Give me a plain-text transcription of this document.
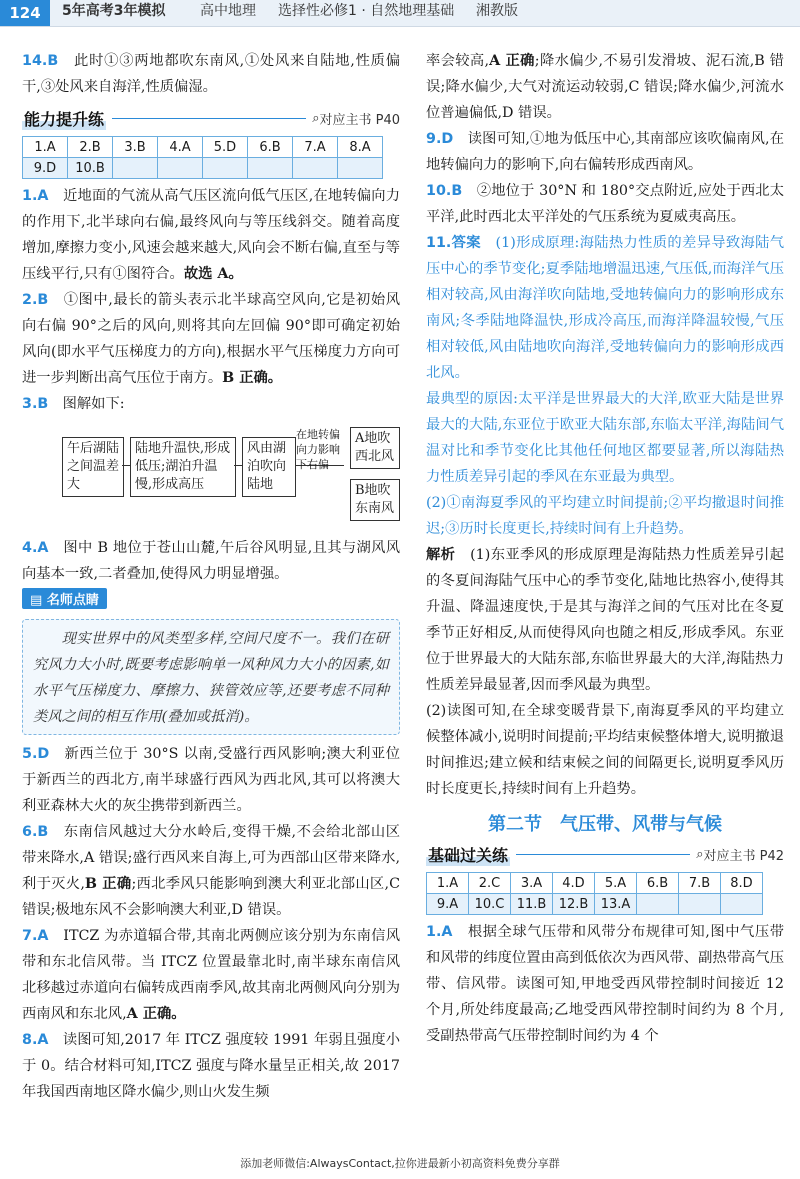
124	5年高考3年模拟 高中地理 选择性必修1 · 自然地理基础 湘教版

14.B　 此时①③两地都吹东南风,①处风来自陆地,性质偏干,③处风来自海洋,性质偏湿。

能力提升练	⌕ 对应主书 P40
1.A	2.B	3.B	4.A	5.D	6.B	7.A	8.A
9.D	10.B						

1.A　 近地面的气流从高气压区流向低气压区,在地转偏向力的作用下,北半球向右偏,最终风向与等压线斜交。随着高度增加,摩擦力变小,风速会越来越大,风向会不断右偏,直至与等压线平行,只有①图符合。故选 A。

2.B　 ①图中,最长的箭头表示北半球高空风向,它是初始风向右偏 90°之后的风向,则将其向左回偏 90°即可确定初始风向(即水平气压梯度力的方向),根据水平气压梯度力方向可进一步判断出高气压位于南方。B 正确。

3.B　 图解如下:

午后湖陆之间温差大
陆地升温快,形成低压;湖泊升温慢,形成高压
风由湖泊吹向陆地
在地转偏向力影响下右偏
A地吹西北风
B地吹东南风

4.A　 图中 B 地位于苍山山麓,午后谷风明显,且其与湖风风向基本一致,二者叠加,使得风力明显增强。

▤ 名师点睛

现实世界中的风类型多样,空间尺度不一。我们在研究风力大小时,既要考虑影响单一风种风力大小的因素,如水平气压梯度力、摩擦力、狭管效应等,还要考虑不同种类风之间的相互作用(叠加或抵消)。

5.D　 新西兰位于 30°S 以南,受盛行西风影响;澳大利亚位于新西兰的西北方,南半球盛行西风为西北风,其可以将澳大利亚森林大火的灰尘携带到新西兰。

6.B　 东南信风越过大分水岭后,变得干燥,不会给北部山区带来降水,A 错误;盛行西风来自海上,可为西部山区带来降水,利于灭火,B 正确;西北季风只能影响到澳大利亚北部山区,C 错误;极地东风不会影响澳大利亚,D 错误。

7.A　 ITCZ 为赤道辐合带,其南北两侧应该分别为东南信风带和东北信风带。当 ITCZ 位置最靠北时,南半球东南信风北移越过赤道向右偏转成西南季风,故其南北两侧风向分别为西南风和东北风,A 正确。

8.A　 读图可知,2017 年 ITCZ 强度较 1991 年弱且强度小于 0。结合材料可知,ITCZ 强度与降水量呈正相关,故 2017 年我国西南地区降水偏少,则山火发生频

率会较高,A 正确;降水偏少,不易引发滑坡、泥石流,B 错误;降水偏少,大气对流运动较弱,C 错误;降水偏少,河流水位普遍偏低,D 错误。

9.D　 读图可知,①地为低压中心,其南部应该吹偏南风,在地转偏向力的影响下,向右偏转形成西南风。

10.B　 ②地位于 30°N 和 180°交点附近,应处于西北太平洋,此时西北太平洋处的气压系统为夏威夷高压。

11.答案　 (1)形成原理:海陆热力性质的差异导致海陆气压中心的季节变化;夏季陆地增温迅速,气压低,而海洋气压相对较高,风由海洋吹向陆地,受地转偏向力的影响形成东南风;冬季陆地降温快,形成冷高压,而海洋降温较慢,气压相对较低,风由陆地吹向海洋,受地转偏向力的影响形成西北风。

最典型的原因:太平洋是世界最大的大洋,欧亚大陆是世界最大的大陆,东亚位于欧亚大陆东部,东临太平洋,海陆间气温对比和季节变化比其他任何地区都要显著,所以海陆热力性质差异引起的季风在东亚最为典型。

(2)①南海夏季风的平均建立时间提前;②平均撤退时间推迟;③历时长度更长,持续时间有上升趋势。

解析　 (1)东亚季风的形成原理是海陆热力性质差异引起的冬夏间海陆气压中心的季节变化,陆地比热容小,使得其升温、降温速度快,于是其与海洋之间的气压对比在冬夏季节正好相反,从而使得风向也随之相反,形成季风。东亚位于世界最大的大陆东部,东临世界最大的大洋,海陆热力性质差异最显著,因而季风最为典型。

(2)读图可知,在全球变暖背景下,南海夏季风的平均建立候整体减小,说明时间提前;平均结束候整体增大,说明撤退时间推迟;建立候和结束候之间的间隔更长,说明夏季风历时长度更长,持续时间有上升趋势。

第二节　气压带、风带与气候
基础过关练	⌕ 对应主书 P42
1.A	2.C	3.A	4.D	5.A	6.B	7.B	8.D
9.A	10.C	11.B	12.B	13.A			

1.A　 根据全球气压带和风带分布规律可知,图中气压带和风带的纬度位置由高到低依次为西风带、副热带高气压带、信风带。读图可知,甲地受西风带控制时间接近 12 个月,所处纬度最高;乙地受西风带控制时间约为 8 个月,受副热带高气压带控制时间约为 4 个

添加老师微信:AlwaysContact,拉你进最新小初高资料免费分享群
